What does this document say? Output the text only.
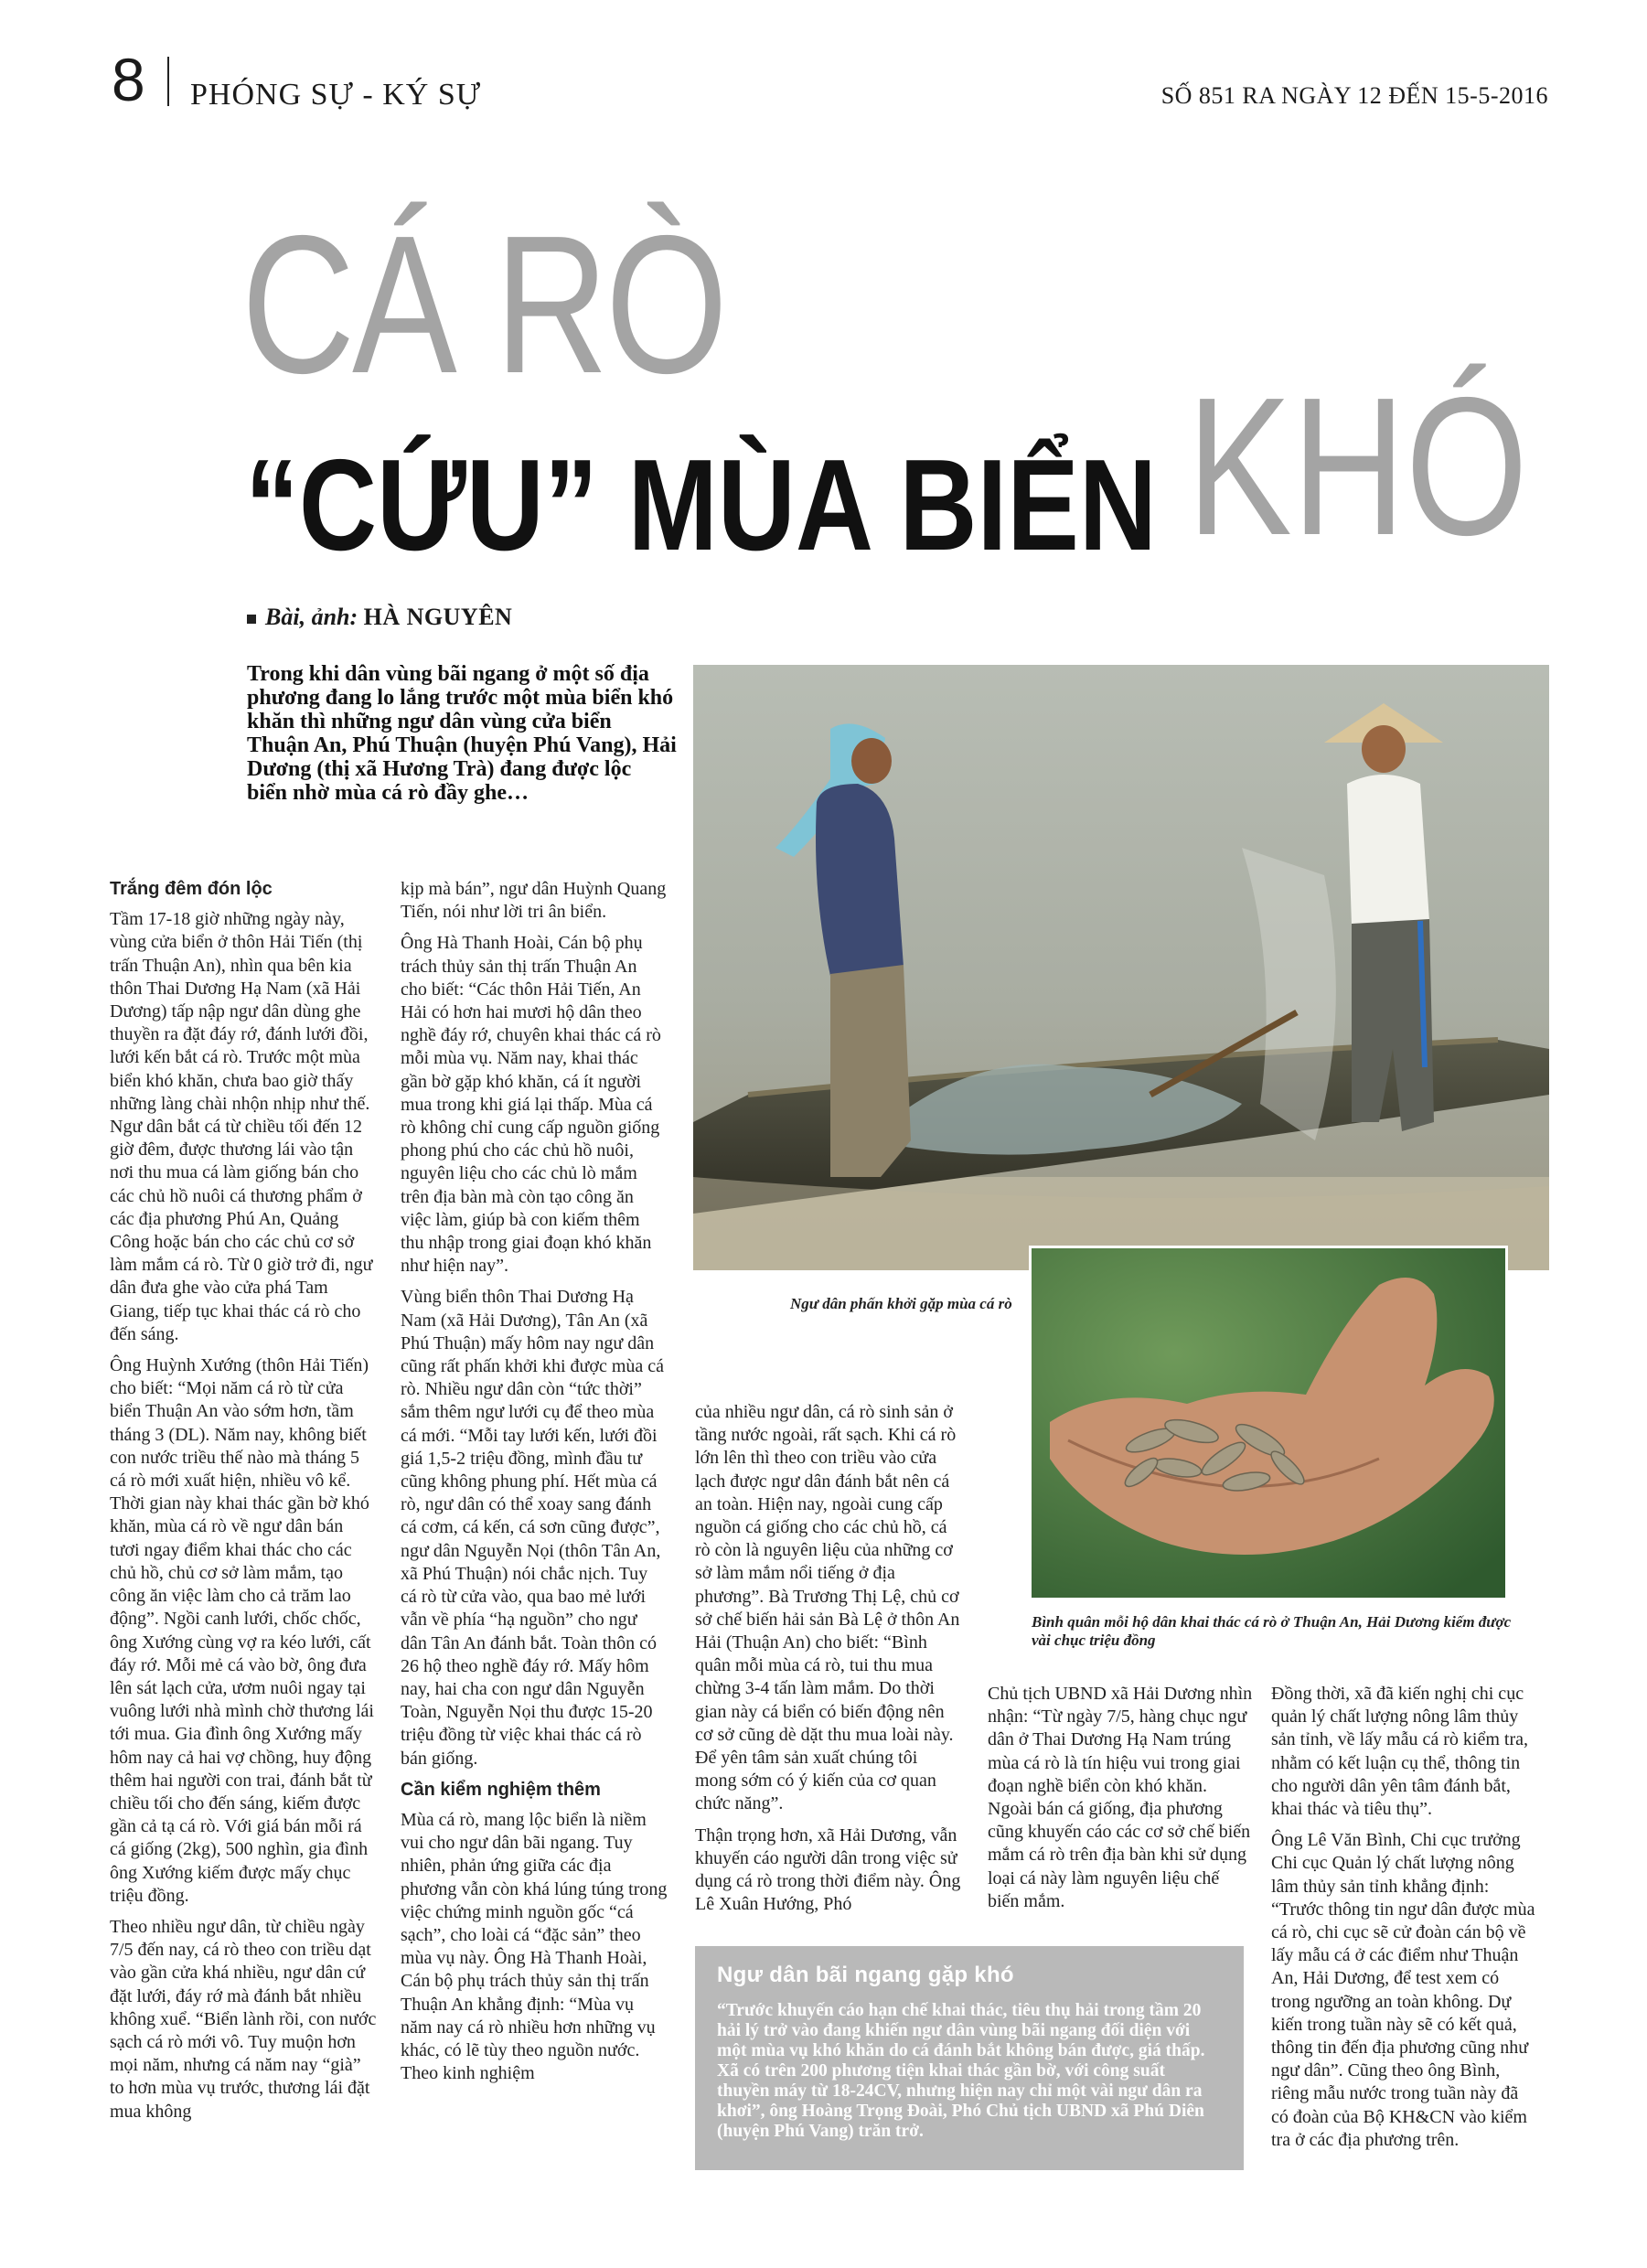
8 PHÓNG SỰ - KÝ SỰ	SỐ 851 RA NGÀY 12 ĐẾN 15-5-2016
CÁ RÒ
KHÓ
“CỨU” MÙA BIỂN
Bài, ảnh: HÀ NGUYÊN
Trong khi dân vùng bãi ngang ở một số địa phương đang lo lắng trước một mùa biển khó khăn thì những ngư dân vùng cửa biển Thuận An, Phú Thuận (huyện Phú Vang), Hải Dương (thị xã Hương Trà) đang được lộc biển nhờ mùa cá rò đầy ghe…
Ngư dân phấn khởi gặp mùa cá rò
Bình quân mỗi hộ dân khai thác cá rò ở Thuận An, Hải Dương kiếm được vài chục triệu đồng
Trắng đêm đón lộc

Tầm 17-18 giờ những ngày này, vùng cửa biển ở thôn Hải Tiến (thị trấn Thuận An), nhìn qua bên kia thôn Thai Dương Hạ Nam (xã Hải Dương) tấp nập ngư dân dùng ghe thuyền ra đặt đáy rớ, đánh lưới đồi, lưới kến bắt cá rò. Trước một mùa biển khó khăn, chưa bao giờ thấy những làng chài nhộn nhịp như thế. Ngư dân bắt cá từ chiều tối đến 12 giờ đêm, được thương lái vào tận nơi thu mua cá làm giống bán cho các chủ hồ nuôi cá thương phẩm ở các địa phương Phú An, Quảng Công hoặc bán cho các chủ cơ sở làm mắm cá rò. Từ 0 giờ trở đi, ngư dân đưa ghe vào cửa phá Tam Giang, tiếp tục khai thác cá rò cho đến sáng.

Ông Huỳnh Xướng (thôn Hải Tiến) cho biết: “Mọi năm cá rò từ cửa biển Thuận An vào sớm hơn, tầm tháng 3 (DL). Năm nay, không biết con nước triều thế nào mà tháng 5 cá rò mới xuất hiện, nhiều vô kể. Thời gian này khai thác gần bờ khó khăn, mùa cá rò về ngư dân bán tươi ngay điểm khai thác cho các chủ hồ, chủ cơ sở làm mắm, tạo công ăn việc làm cho cả trăm lao động”. Ngồi canh lưới, chốc chốc, ông Xướng cùng vợ ra kéo lưới, cất đáy rớ. Mỗi mẻ cá vào bờ, ông đưa lên sát lạch cửa, ươm nuôi ngay tại vuông lưới nhà mình chờ thương lái tới mua. Gia đình ông Xướng mấy hôm nay cả hai vợ chồng, huy động thêm hai người con trai, đánh bắt từ chiều tối cho đến sáng, kiếm được gần cả tạ cá rò. Với giá bán mỗi rá cá giống (2kg), 500 nghìn, gia đình ông Xướng kiếm được mấy chục triệu đồng.

Theo nhiều ngư dân, từ chiều ngày 7/5 đến nay, cá rò theo con triều dạt vào gần cửa khá nhiều, ngư dân cứ đặt lưới, đáy rớ mà đánh bắt nhiều không xuể. “Biển lành rồi, con nước sạch cá rò mới vô. Tuy muộn hơn mọi năm, nhưng cá năm nay “già” to hơn mùa vụ trước, thương lái đặt mua không

kịp mà bán”, ngư dân Huỳnh Quang Tiến, nói như lời tri ân biển.

Ông Hà Thanh Hoài, Cán bộ phụ trách thủy sản thị trấn Thuận An cho biết: “Các thôn Hải Tiến, An Hải có hơn hai mươi hộ dân theo nghề đáy rớ, chuyên khai thác cá rò mỗi mùa vụ. Năm nay, khai thác gần bờ gặp khó khăn, cá ít người mua trong khi giá lại thấp. Mùa cá rò không chỉ cung cấp nguồn giống phong phú cho các chủ hồ nuôi, nguyên liệu cho các chủ lò mắm trên địa bàn mà còn tạo công ăn việc làm, giúp bà con kiếm thêm thu nhập trong giai đoạn khó khăn như hiện nay”.

Vùng biển thôn Thai Dương Hạ Nam (xã Hải Dương), Tân An (xã Phú Thuận) mấy hôm nay ngư dân cũng rất phấn khởi khi được mùa cá rò. Nhiều ngư dân còn “tức thời” sắm thêm ngư lưới cụ để theo mùa cá mới. “Mỗi tay lưới kến, lưới đồi giá 1,5-2 triệu đồng, mình đầu tư cũng không phung phí. Hết mùa cá rò, ngư dân có thể xoay sang đánh cá cơm, cá kến, cá sơn cũng được”, ngư dân Nguyễn Nọi (thôn Tân An, xã Phú Thuận) nói chắc nịch. Tuy cá rò từ cửa vào, qua bao mẻ lưới vẫn về phía “hạ nguồn” cho ngư dân Tân An đánh bắt. Toàn thôn có 26 hộ theo nghề đáy rớ. Mấy hôm nay, hai cha con ngư dân Nguyễn Toàn, Nguyễn Nọi thu được 15-20 triệu đồng từ việc khai thác cá rò bán giống.

Cần kiểm nghiệm thêm

Mùa cá rò, mang lộc biển là niềm vui cho ngư dân bãi ngang. Tuy nhiên, phản ứng giữa các địa phương vẫn còn khá lúng túng trong việc chứng minh nguồn gốc “cá sạch”, cho loài cá “đặc sản” theo mùa vụ này. Ông Hà Thanh Hoài, Cán bộ phụ trách thủy sản thị trấn Thuận An khẳng định: “Mùa vụ năm nay cá rò nhiều hơn những vụ khác, có lẽ tùy theo nguồn nước. Theo kinh nghiệm

của nhiều ngư dân, cá rò sinh sản ở tầng nước ngoài, rất sạch. Khi cá rò lớn lên thì theo con triều vào cửa lạch được ngư dân đánh bắt nên cá an toàn. Hiện nay, ngoài cung cấp nguồn cá giống cho các chủ hồ, cá rò còn là nguyên liệu của những cơ sở làm mắm nổi tiếng ở địa phương”. Bà Trương Thị Lệ, chủ cơ sở chế biến hải sản Bà Lệ ở thôn An Hải (Thuận An) cho biết: “Bình quân mỗi mùa cá rò, tui thu mua chừng 3-4 tấn làm mắm. Do thời gian này cá biển có biến động nên cơ sở cũng dè dặt thu mua loài này. Để yên tâm sản xuất chúng tôi mong sớm có ý kiến của cơ quan chức năng”.

Thận trọng hơn, xã Hải Dương, vẫn khuyến cáo người dân trong việc sử dụng cá rò trong thời điểm này. Ông Lê Xuân Hướng, Phó

Chủ tịch UBND xã Hải Dương nhìn nhận: “Từ ngày 7/5, hàng chục ngư dân ở Thai Dương Hạ Nam trúng mùa cá rò là tín hiệu vui trong giai đoạn nghề biển còn khó khăn. Ngoài bán cá giống, địa phương cũng khuyến cáo các cơ sở chế biến mắm cá rò trên địa bàn khi sử dụng loại cá này làm nguyên liệu chế biến mắm.

Đồng thời, xã đã kiến nghị chi cục quản lý chất lượng nông lâm thủy sản tỉnh, về lấy mẫu cá rò kiểm tra, nhằm có kết luận cụ thể, thông tin cho người dân yên tâm đánh bắt, khai thác và tiêu thụ”.

Ông Lê Văn Bình, Chi cục trưởng Chi cục Quản lý chất lượng nông lâm thủy sản tỉnh khẳng định: “Trước thông tin ngư dân được mùa cá rò, chi cục sẽ cử đoàn cán bộ về lấy mẫu cá ở các điểm như Thuận An, Hải Dương, để test xem có trong ngưỡng an toàn không. Dự kiến trong tuần này sẽ có kết quả, thông tin đến địa phương cũng như ngư dân”. Cũng theo ông Bình, riêng mẫu nước trong tuần này đã có đoàn của Bộ KH&CN vào kiểm tra ở các địa phương trên.

Ngư dân bãi ngang gặp khó
“Trước khuyến cáo hạn chế khai thác, tiêu thụ hải trong tầm 20 hải lý trở vào đang khiến ngư dân vùng bãi ngang đối diện với một mùa vụ khó khăn do cá đánh bắt không bán được, giá thấp. Xã có trên 200 phương tiện khai thác gần bờ, với công suất thuyền máy từ 18-24CV, nhưng hiện nay chỉ một vài ngư dân ra khơi”, ông Hoàng Trọng Đoài, Phó Chủ tịch UBND xã Phú Diên (huyện Phú Vang) trăn trở.
